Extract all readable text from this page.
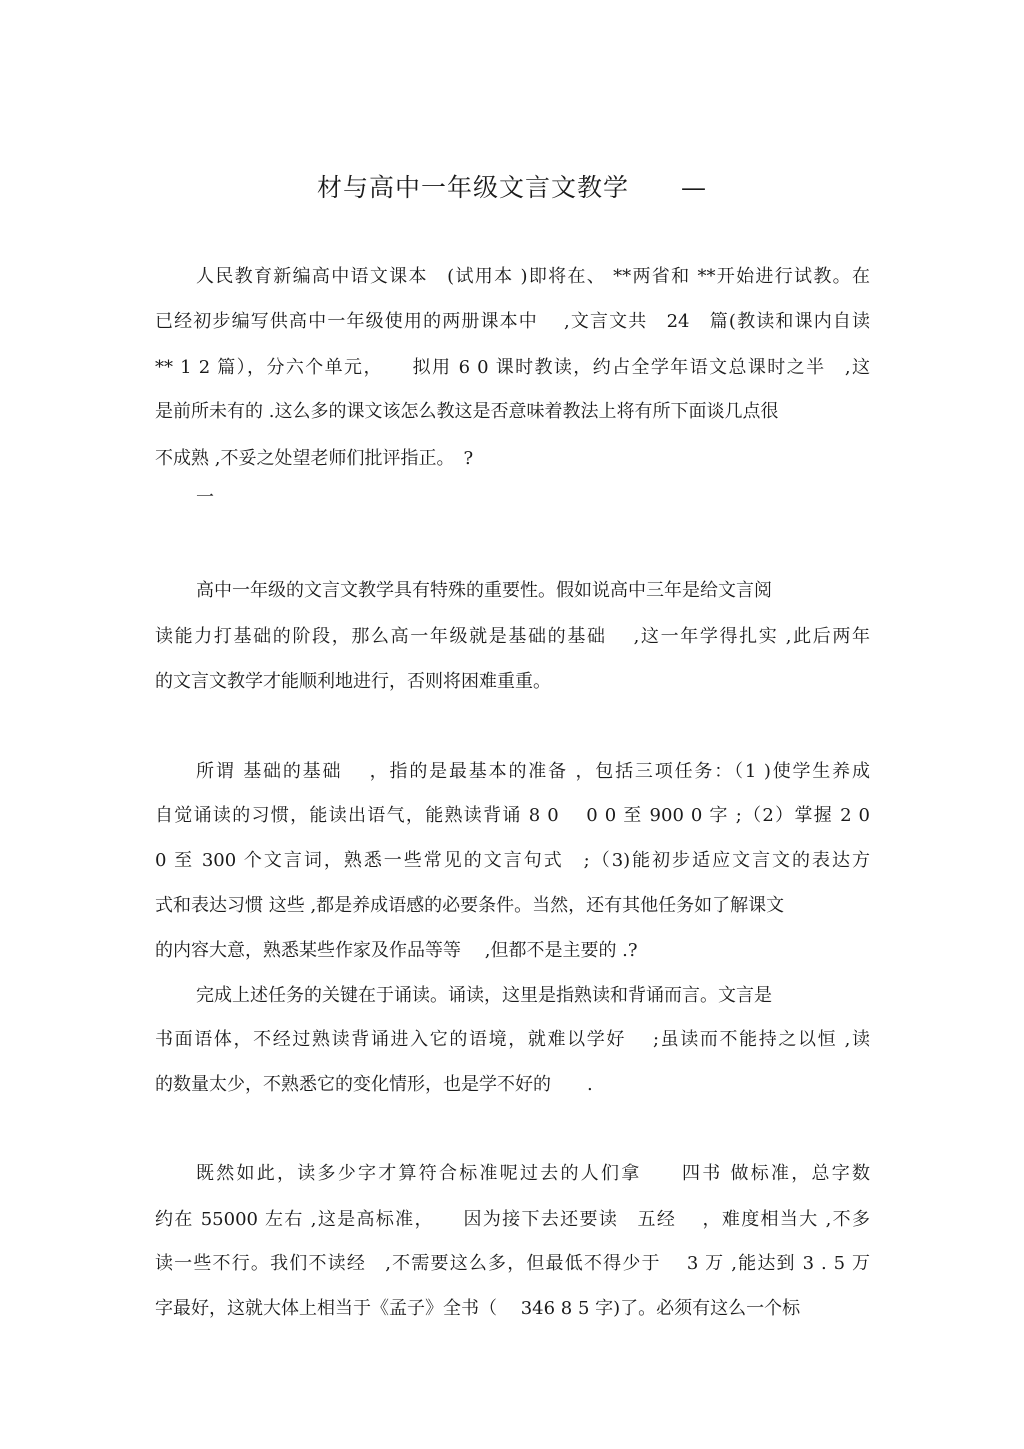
材与高中一年级文言文教学　　—
人民教育新编高中语文课本　(试用本 )即将在、 **两省和 **开始进行试教。在
已经初步编写供高中一年级使用的两册课本中　 ,文言文共　24　篇(教读和课内自读
** 1 2 篇），分六个单元，　　拟用 6 0 课时教读，约占全学年语文总课时之半　,这
是前所未有的 .这么多的课文该怎么教这是否意味着教法上将有所下面谈几点很
不成熟 ,不妥之处望老师们批评指正。　?
一
高中一年级的文言文教学具有特殊的重要性。假如说高中三年是给文言阅
读能力打基础的阶段，那么高一年级就是基础的基础　 ,这一年学得扎实 ,此后两年
的文言文教学才能顺利地进行，否则将困难重重。
所谓 基础的基础　 ，指的是最基本的准备 ，包括三项任务：（1 )使学生养成
自觉诵读的习惯，能读出语气，能熟读背诵 8 0　 0 0 至 900 0 字 ;（2）掌握 2 0
0 至 300 个文言词，熟悉一些常见的文言句式　;（3)能初步适应文言文的表达方
式和表达习惯 这些 ,都是养成语感的必要条件。当然，还有其他任务如了解课文
的内容大意，熟悉某些作家及作品等等　 ,但都不是主要的 .?
完成上述任务的关键在于诵读。诵读，这里是指熟读和背诵而言。文言是
书面语体，不经过熟读背诵进入它的语境，就难以学好　 ;虽读而不能持之以恒 ,读
的数量太少，不熟悉它的变化情形，也是学不好的　　.
既然如此，读多少字才算符合标准呢过去的人们拿　　四书 做标准，总字数
约在 55000 左右 ,这是高标准，　　因为接下去还要读　五经　 ，难度相当大 ,不多
读一些不行。我们不读经　,不需要这么多，但最低不得少于　 3 万 ,能达到 3 . 5 万
字最好，这就大体上相当于《孟子》全书（　 346 8 5 字)了。必须有这么一个标
